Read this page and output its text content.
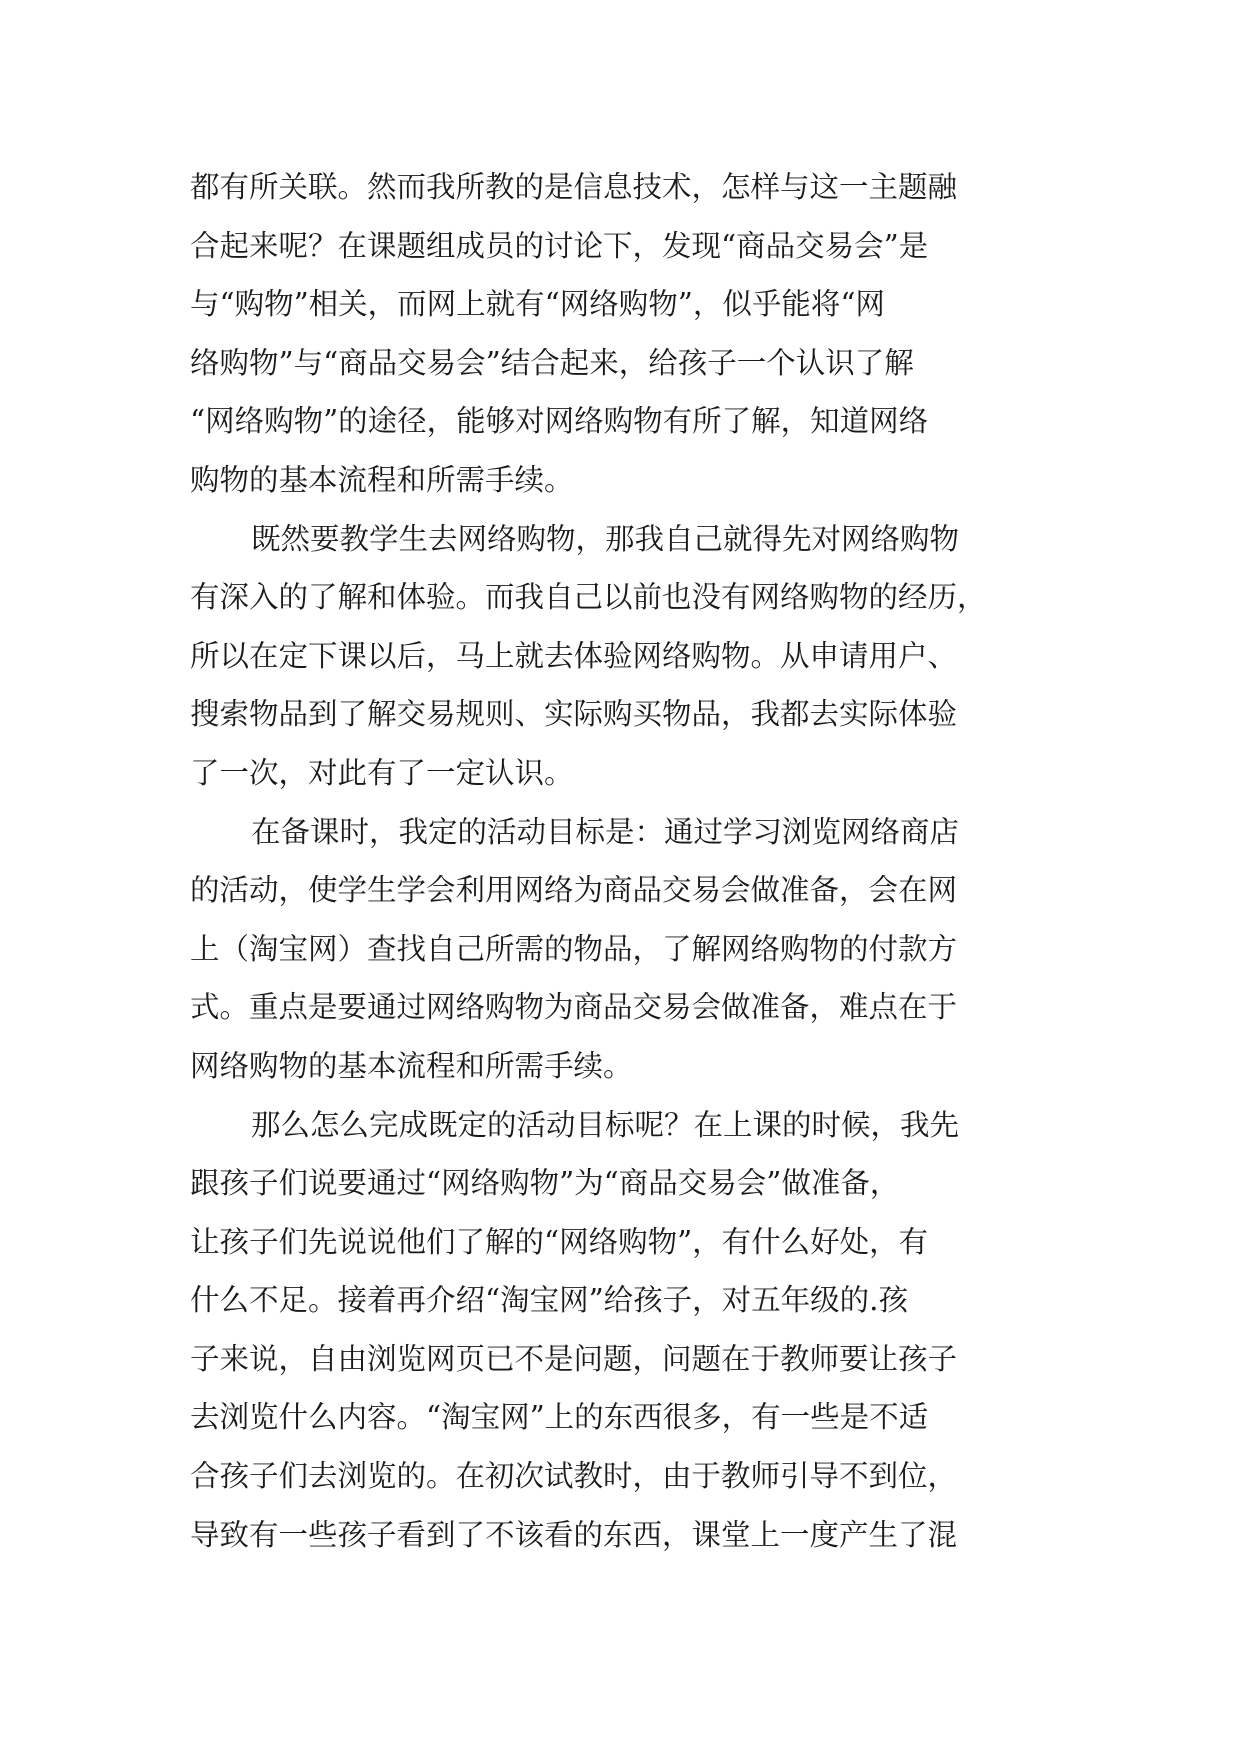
都有所关联。然而我所教的是信息技术，怎样与这一主题融
合起来呢？在课题组成员的讨论下，发现“商品交易会”是
与“购物”相关，而网上就有“网络购物”，似乎能将“网
络购物”与“商品交易会”结合起来，给孩子一个认识了解
“网络购物”的途径，能够对网络购物有所了解，知道网络
购物的基本流程和所需手续。
既然要教学生去网络购物，那我自己就得先对网络购物
有深入的了解和体验。而我自己以前也没有网络购物的经历，
所以在定下课以后，马上就去体验网络购物。从申请用户、
搜索物品到了解交易规则、实际购买物品，我都去实际体验
了一次，对此有了一定认识。
在备课时，我定的活动目标是：通过学习浏览网络商店
的活动，使学生学会利用网络为商品交易会做准备，会在网
上（淘宝网）查找自己所需的物品，了解网络购物的付款方
式。重点是要通过网络购物为商品交易会做准备，难点在于
网络购物的基本流程和所需手续。
那么怎么完成既定的活动目标呢？在上课的时候，我先
跟孩子们说要通过“网络购物”为“商品交易会”做准备，
让孩子们先说说他们了解的“网络购物”，有什么好处，有
什么不足。接着再介绍“淘宝网”给孩子，对五年级的.孩
子来说，自由浏览网页已不是问题，问题在于教师要让孩子
去浏览什么内容。“淘宝网”上的东西很多，有一些是不适
合孩子们去浏览的。在初次试教时，由于教师引导不到位，
导致有一些孩子看到了不该看的东西，课堂上一度产生了混
